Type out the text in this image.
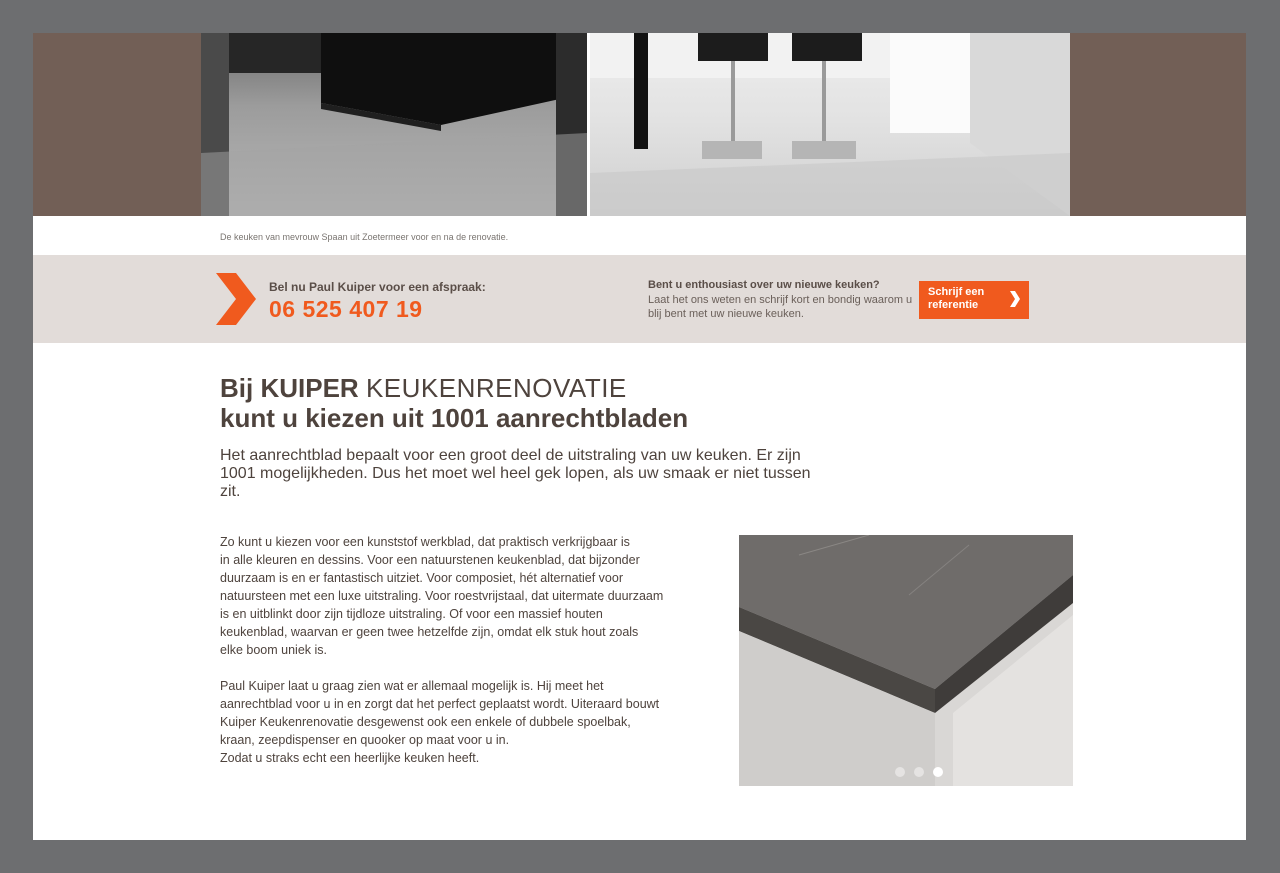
De keuken van mevrouw Spaan uit Zoetermeer voor en na de renovatie.
Bel nu Paul Kuiper voor een afspraak:
06 525 407 19
Bent u enthousiast over uw nieuwe keuken?
Laat het ons weten en schrijf kort en bondig waarom u blij bent met uw nieuwe keuken.
Schrijf een
referentie
Bij KUIPER KEUKENRENOVATIE
kunt u kiezen uit 1001 aanrechtbladen
Het aanrechtblad bepaalt voor een groot deel de uitstraling van uw keuken. Er zijn 1001 mogelijkheden. Dus het moet wel heel gek lopen, als uw smaak er niet tussen zit.

Zo kunt u kiezen voor een kunststof werkblad, dat praktisch verkrijgbaar is
in alle kleuren en dessins. Voor een natuurstenen keukenblad, dat bijzonder
duurzaam is en er fantastisch uitziet. Voor composiet, hét alternatief voor
natuursteen met een luxe uitstraling. Voor roestvrijstaal, dat uitermate duurzaam
is en uitblinkt door zijn tijdloze uitstraling. Of voor een massief houten
keukenblad, waarvan er geen twee hetzelfde zijn, omdat elk stuk hout zoals
elke boom uniek is.

Paul Kuiper laat u graag zien wat er allemaal mogelijk is. Hij meet het
aanrechtblad voor u in en zorgt dat het perfect geplaatst wordt. Uiteraard bouwt
Kuiper Keukenrenovatie desgewenst ook een enkele of dubbele spoelbak,
kraan, zeepdispenser en quooker op maat voor u in.
Zodat u straks echt een heerlijke keuken heeft.
